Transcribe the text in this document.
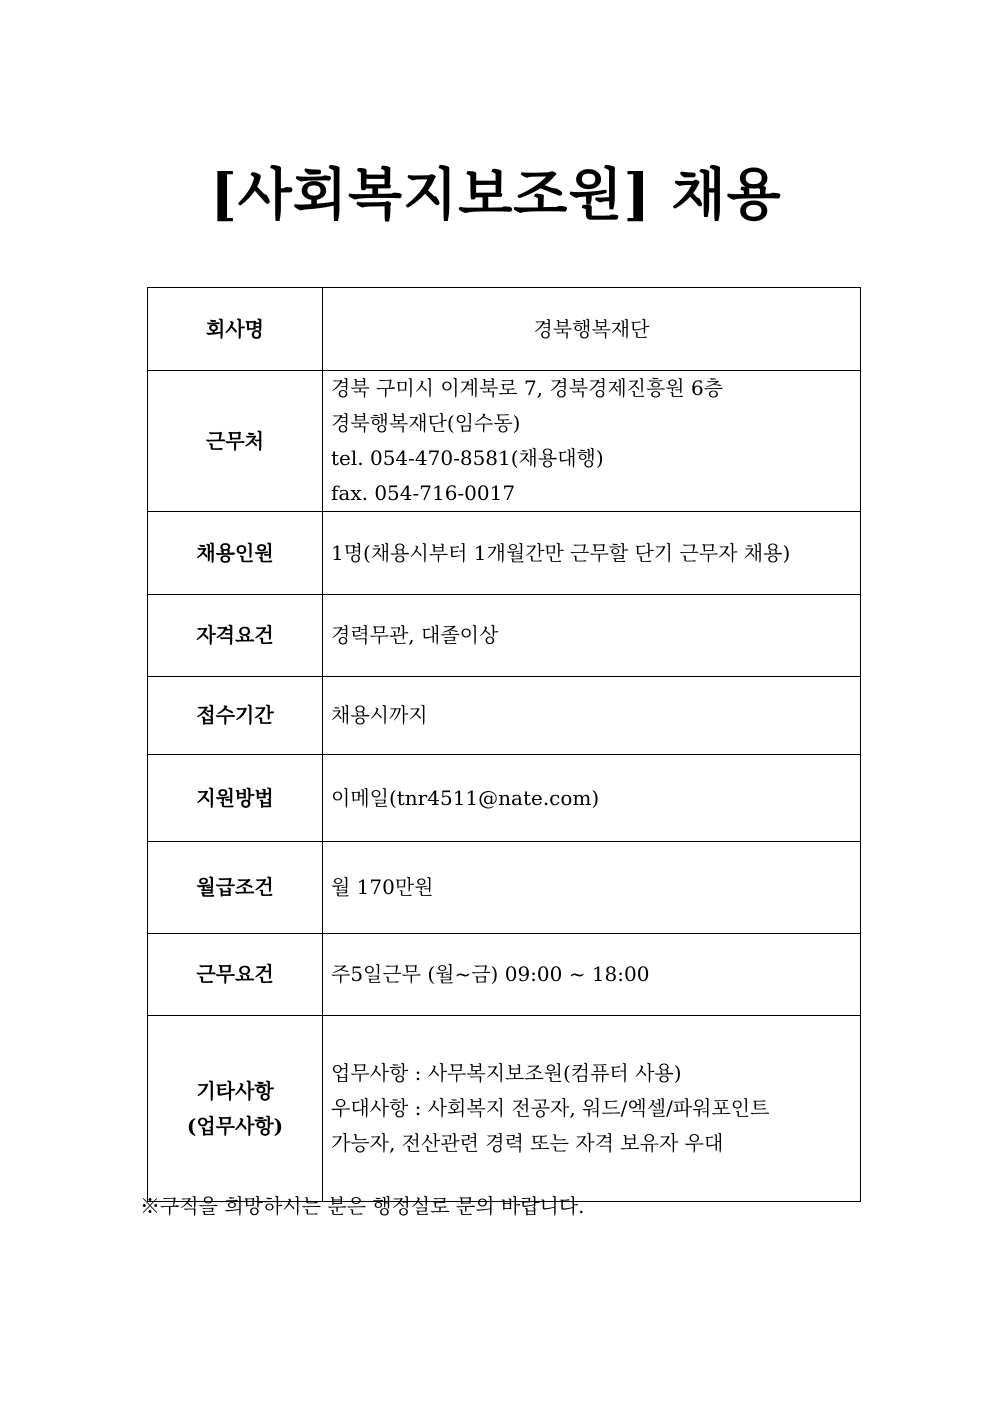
[사회복지보조원] 채용
회사명	경북행복재단
근무처	경북 구미시 이계북로 7, 경북경제진흥원 6층
경북행복재단(임수동)
tel. 054-470-8581(채용대행)
fax. 054-716-0017

채용인원	1명(채용시부터 1개월간만 근무할 단기 근무자 채용)
자격요건	경력무관, 대졸이상
접수기간	채용시까지
지원방법	이메일(tnr4511@nate.com)
월급조건	월 170만원
근무요건	주5일근무 (월~금) 09:00 ~ 18:00

기타사항
(업무사항)	업무사항 : 사무복지보조원(컴퓨터 사용)
우대사항 : 사회복지 전공자, 워드/엑셀/파워포인트
가능자, 전산관련 경력 또는 자격 보유자 우대
※구직을 희망하시는 분은 행정실로 문의 바랍니다.
